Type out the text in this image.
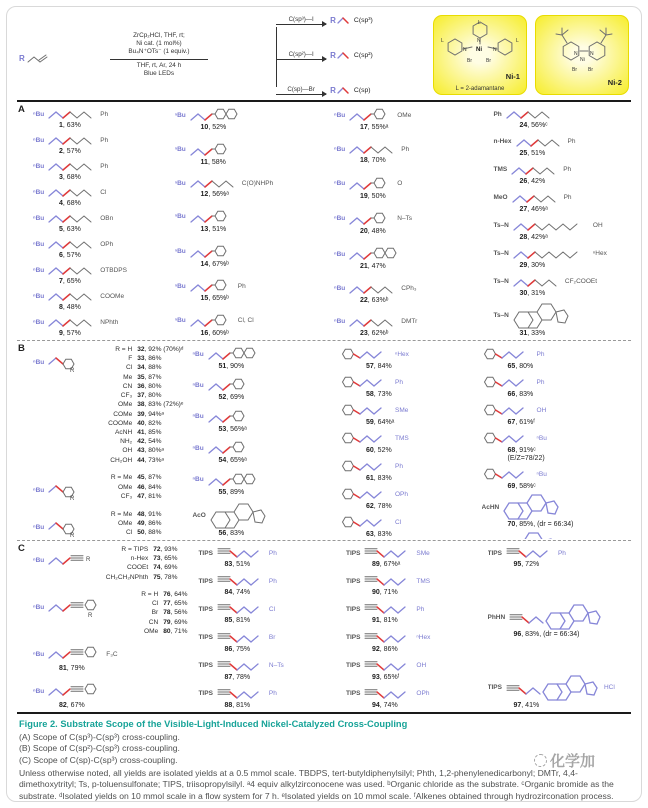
R
ZrCp₂HCl, THF, rt;
Ni cat. (1 mol%)
Bu₄N⁺OTs⁻ (1 equiv.)
THF, rt, Ar, 24 h
Blue LEDs
C(sp³)—I R	C(sp³)
C(sp²)—I R	C(sp²)
C(sp)—Br R	C(sp)
Ni
Br	Br
L
L	L
N
N	N
Ni-1
L = 2-adamantane
N N
Ni
Br Br
Ni-2
A ⁿBu	Ph
1, 63%
ⁿBu	Ph
2, 57%
ⁿBu	Ph
3, 68%
ⁿBu	Cl
4, 68%
ⁿBu	OBn
5, 63%
ⁿBu	OPh
6, 57%
ⁿBu	OTBDPS
7, 65%
ⁿBu	COOMe
8, 48%
ⁿBu	NPhth
9, 57%
ⁿBu
10, 52%
ⁿBu
11, 58%
ⁿBu	C(O)NHPh
12, 56%ᵃ
ⁿBu
13, 51%
ⁿBu
14, 67%ᵇ
ⁿBu	Ph
15, 65%ᵇ
ⁿBu	Cl, Cl
16, 60%ᵇ
ⁿBu	OMe
17, 55%ᵃ
ⁿBu	Ph
18, 70%
ⁿBu	O
19, 50%
ⁿBu	N–Ts
20, 48%
ⁿBu
21, 47%
ⁿBu	CPh₃
22, 63%ᵇ
ⁿBu	DMTr
23, 62%ᵇ
Ph
24, 56%ᶜ
n-Hex	Ph
25, 51%
TMS	Ph
26, 42%
MeO	Ph
27, 46%ᵃ
Ts–N	OH
28, 42%ᵃ
Ts–N	ⁿHex
29, 30%
Ts–N	CF₂COOEt
30, 31%
Ts–N
31, 33%
B
ⁿBu
R
R = H 32, 92% (70%)ᵈ
F 33, 86%
Cl 34, 88%
Me 35, 87%
CN 36, 80%
CF₃ 37, 80%
OMe 38, 83% (72%)ᵉ
COMe 39, 94%ᵃ
COOMe 40, 82%
AcNH 41, 85%
NH₂ 42, 54%
OH 43, 80%ᵃ
CH₂OH 44, 73%ᵃ
ⁿBu
R
R = Me 45, 87%
OMe 46, 84%
CF₃ 47, 81%
ⁿBu
R
R = Me 48, 91%
OMe 49, 86%
Cl 50, 88%
ⁿBu
51, 90%
ⁿBu
52, 69%
ⁿBu
53, 56%ᵃ
ⁿBu
54, 65%ᵃ
ⁿBu
55, 89%
AcO
56, 83%
ⁿHex
57, 84%
Ph
58, 73%
SMe
59, 64%ᵃ
TMS
60, 52%
Ph
61, 83%
OPh
62, 78%
Cl
63, 83%
Ph
65, 80%
Ph
66, 83%
OH
67, 61%ᶠ
ⁿBu
68, 91%ᶜ
(E/Z=78/22)
ⁿBu
69, 58%ᶜ
AcHN
70, 85%, (dr = 66:34)
C
ⁿBu	R
R = TIPS 72, 93%
n-Hex 73, 65%
COOEt 74, 69%
CH₂CH₂NPhth 75, 78%
ⁿBu
R
R = H 76, 64%
Cl 77, 65%
Br 78, 56%
CN 79, 69%
OMe 80, 71%
ⁿBu	F₃C
81, 79%
ⁿBu
82, 67%
TIPS	Ph
83, 51%
TIPS	Ph
84, 74%
TIPS	Cl
85, 81%
TIPS	Br
86, 75%
TIPS	N–Ts
87, 78%
TIPS	Ph
88, 81%
TIPS	SMe
89, 67%ᵃ
TIPS	TMS
90, 71%
TIPS	Ph
91, 81%
TIPS	ⁿHex
92, 86%
TIPS	OH
93, 65%ᶠ
TIPS	OPh
94, 74%
TIPS	Ph
95, 72%
PhHN
96, 83%, (dr = 66:34)
TIPS	HCl
97, 41%
Figure 2. Substrate Scope of the Visible-Light-Induced Nickel-Catalyzed Cross-Coupling
(A) Scope of C(sp³)-C(sp³) cross-coupling.
(B) Scope of C(sp²)-C(sp³) cross-coupling.
(C) Scope of C(sp)-C(sp³) cross-coupling.

Unless otherwise noted, all yields are isolated yields at a 0.5 mmol scale. TBDPS, tert-butyldiphenylsilyl; Phth, 1,2-phenylenedicarbonyl; DMTr, 4,4-dimethoxytrityl; Ts, p-toluensulfonate; TIPS, triisopropylsilyl. ᵃ4 equiv alkylzirconocene was used. ᵇOrganic chloride as the substrate. ᶜOrganic bromide as the substrate. ᵈIsolated yields on 10 mmol scale in a flow system for 7 h. ᵉIsolated yields on 10 mmol scale. ᶠAlkenes obtained through hydrozirconation process.

化学加
